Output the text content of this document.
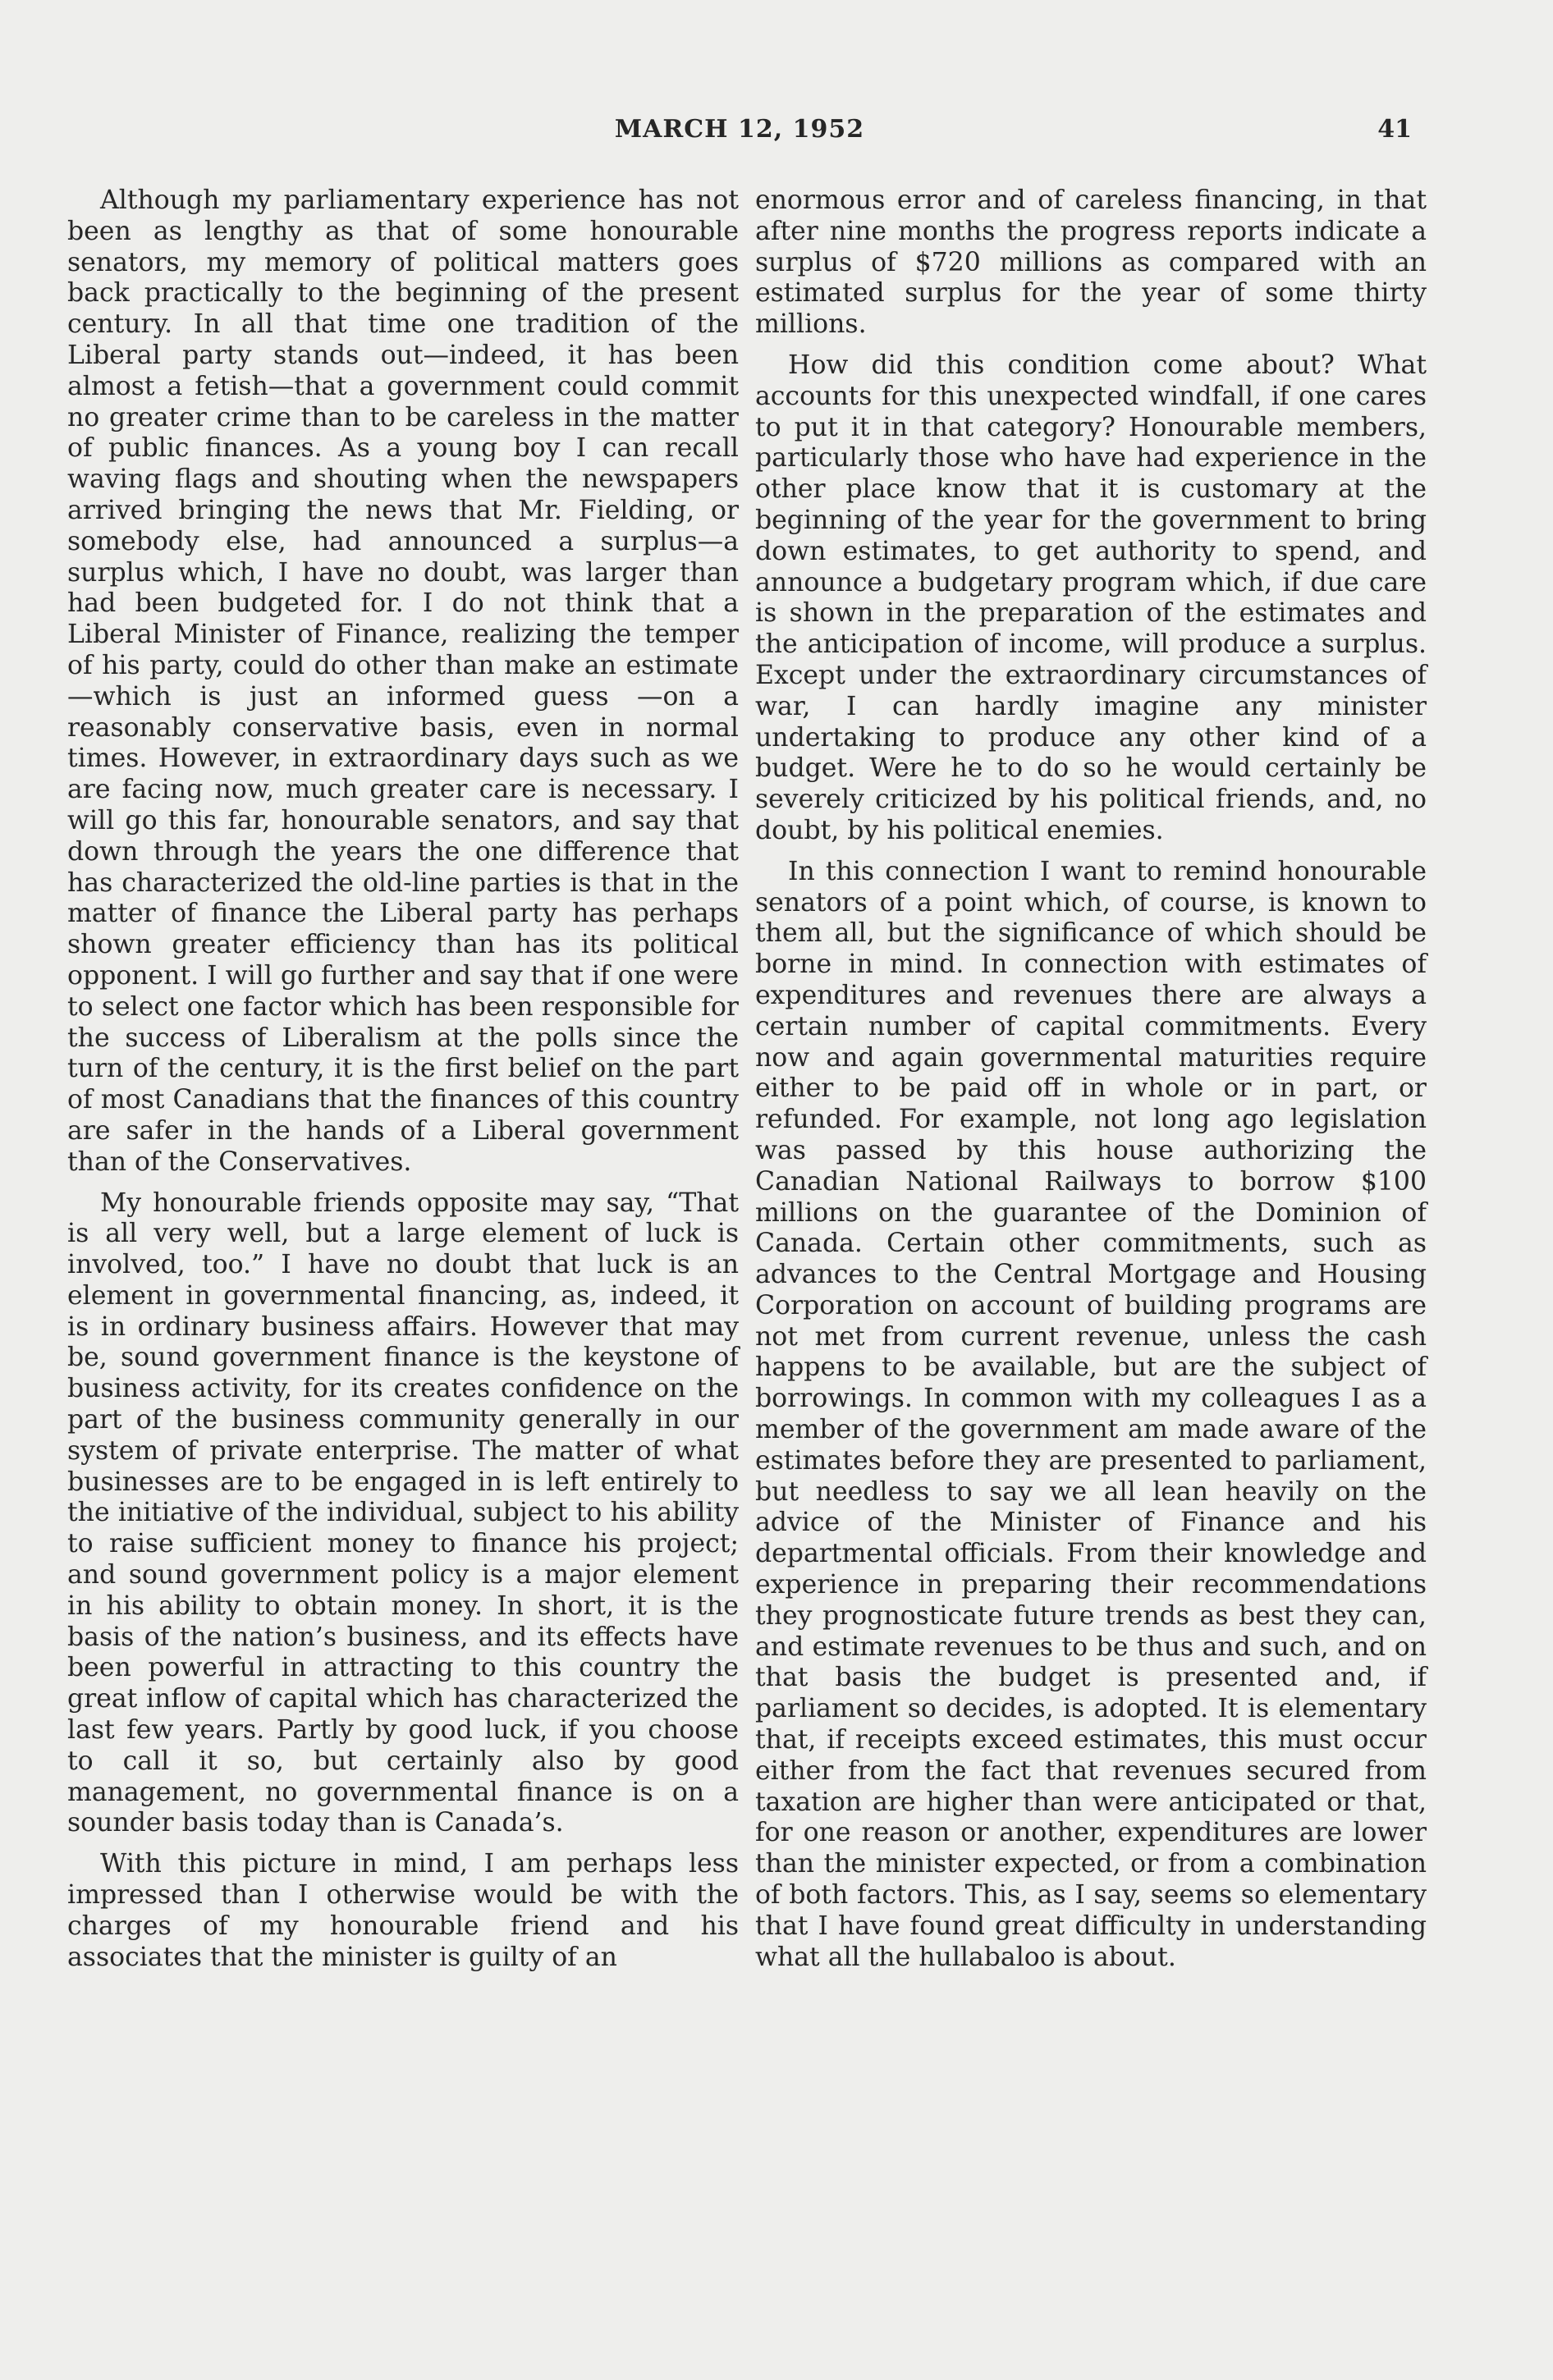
MARCH 12, 1952	41

Although my parliamentary experience has not been as lengthy as that of some honourable senators, my memory of political matters goes back practically to the beginning of the present century. In all that time one tradition of the Liberal party stands out—indeed, it has been almost a fetish—that a government could commit no greater crime than to be careless in the matter of public finances. As a young boy I can recall waving flags and shouting when the newspapers arrived bringing the news that Mr. Fielding, or somebody else, had announced a surplus—a surplus which, I have no doubt, was larger than had been budgeted for. I do not think that a Liberal Minister of Finance, realizing the temper of his party, could do other than make an estimate—which is just an informed guess —on a reasonably conservative basis, even in normal times. However, in extraordinary days such as we are facing now, much greater care is necessary. I will go this far, honourable senators, and say that down through the years the one difference that has characterized the old-line parties is that in the matter of finance the Liberal party has perhaps shown greater efficiency than has its political opponent. I will go further and say that if one were to select one factor which has been responsible for the success of Liberalism at the polls since the turn of the century, it is the first belief on the part of most Canadians that the finances of this country are safer in the hands of a Liberal government than of the Conservatives.

My honourable friends opposite may say, “That is all very well, but a large element of luck is involved, too.” I have no doubt that luck is an element in governmental financing, as, indeed, it is in ordinary business affairs. However that may be, sound government finance is the keystone of business activity, for its creates confidence on the part of the business community generally in our system of private enterprise. The matter of what businesses are to be engaged in is left entirely to the initiative of the individual, subject to his ability to raise sufficient money to finance his project; and sound government policy is a major element in his ability to obtain money. In short, it is the basis of the nation’s business, and its effects have been powerful in attracting to this country the great inflow of capital which has characterized the last few years. Partly by good luck, if you choose to call it so, but certainly also by good management, no governmental finance is on a sounder basis today than is Canada’s.

With this picture in mind, I am perhaps less impressed than I otherwise would be with the charges of my honourable friend and his associates that the minister is guilty of an

enormous error and of careless financing, in that after nine months the progress reports indicate a surplus of $720 millions as compared with an estimated surplus for the year of some thirty millions.

How did this condition come about? What accounts for this unexpected windfall, if one cares to put it in that category? Honourable members, particularly those who have had experience in the other place know that it is customary at the beginning of the year for the government to bring down estimates, to get authority to spend, and announce a budgetary program which, if due care is shown in the preparation of the estimates and the anticipation of income, will produce a surplus. Except under the extraordinary circumstances of war, I can hardly imagine any minister undertaking to produce any other kind of a budget. Were he to do so he would certainly be severely criticized by his political friends, and, no doubt, by his political enemies.

In this connection I want to remind honourable senators of a point which, of course, is known to them all, but the significance of which should be borne in mind. In connection with estimates of expenditures and revenues there are always a certain number of capital commitments. Every now and again governmental maturities require either to be paid off in whole or in part, or refunded. For example, not long ago legislation was passed by this house authorizing the Canadian National Railways to borrow $100 millions on the guarantee of the Dominion of Canada. Certain other commitments, such as advances to the Central Mortgage and Housing Corporation on account of building programs are not met from current revenue, unless the cash happens to be available, but are the subject of borrowings. In common with my colleagues I as a member of the government am made aware of the estimates before they are presented to parliament, but needless to say we all lean heavily on the advice of the Minister of Finance and his departmental officials. From their knowledge and experience in preparing their recommendations they prognosticate future trends as best they can, and estimate revenues to be thus and such, and on that basis the budget is presented and, if parliament so decides, is adopted. It is elementary that, if receipts exceed estimates, this must occur either from the fact that revenues secured from taxation are higher than were anticipated or that, for one reason or another, expenditures are lower than the minister expected, or from a combination of both factors. This, as I say, seems so elementary that I have found great difficulty in understanding what all the hullabaloo is about.
